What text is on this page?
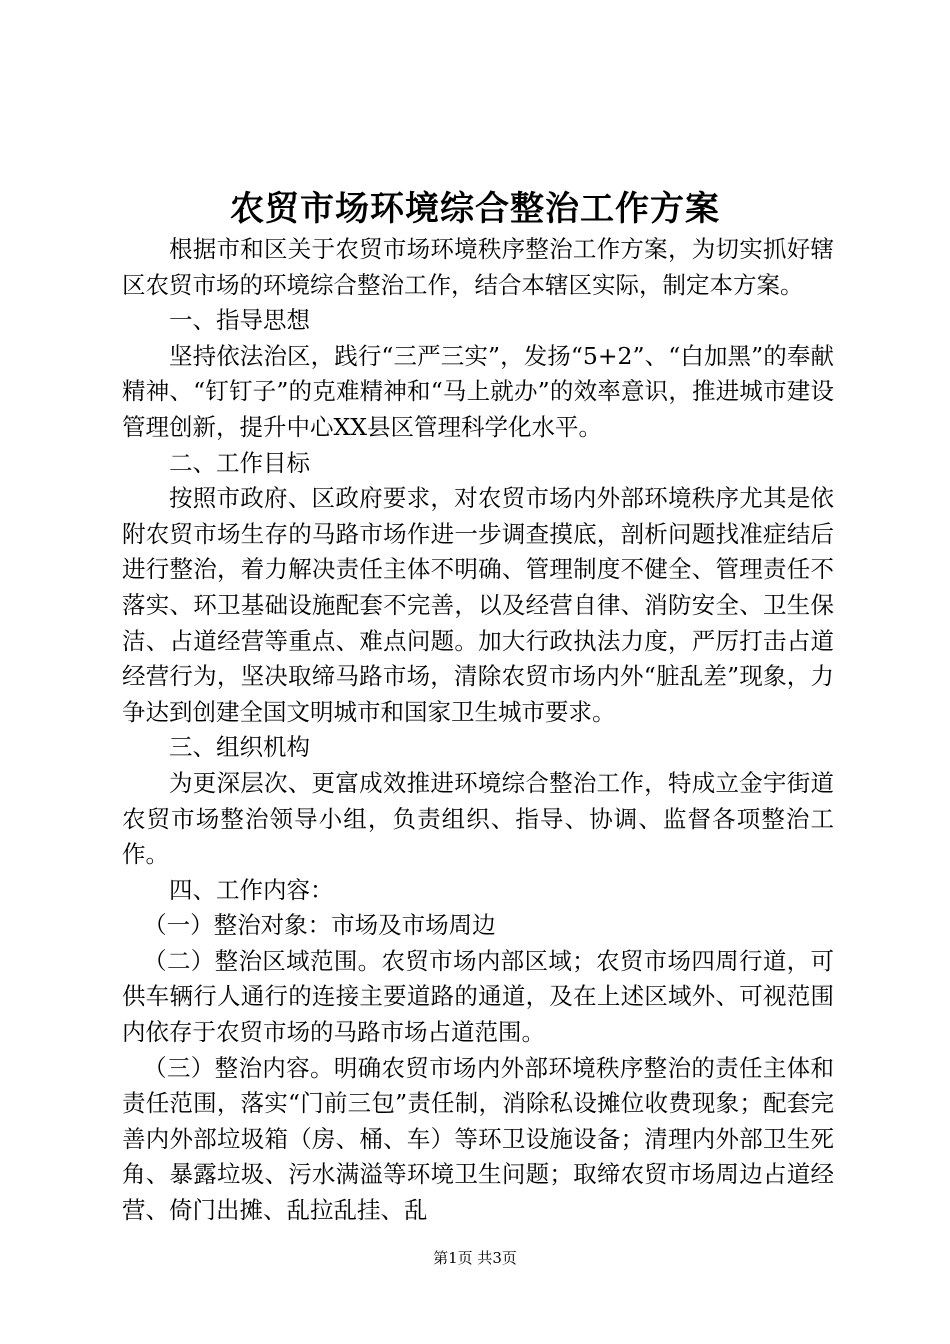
农贸市场环境综合整治工作方案

根据市和区关于农贸市场环境秩序整治工作方案，为切实抓好辖区农贸市场的环境综合整治工作，结合本辖区实际，制定本方案。

一、指导思想

坚持依法治区，践行“三严三实”，发扬“5+2”、“白加黑”的奉献精神、“钉钉子”的克难精神和“马上就办”的效率意识，推进城市建设管理创新，提升中心XX县区管理科学化水平。

二、工作目标

按照市政府、区政府要求，对农贸市场内外部环境秩序尤其是依附农贸市场生存的马路市场作进一步调查摸底，剖析问题找准症结后进行整治，着力解决责任主体不明确、管理制度不健全、管理责任不落实、环卫基础设施配套不完善，以及经营自律、消防安全、卫生保洁、占道经营等重点、难点问题。加大行政执法力度，严厉打击占道经营行为，坚决取缔马路市场，清除农贸市场内外“脏乱差”现象，力争达到创建全国文明城市和国家卫生城市要求。

三、组织机构

为更深层次、更富成效推进环境综合整治工作，特成立金宇街道农贸市场整治领导小组，负责组织、指导、协调、监督各项整治工作。

四、工作内容：

（一）整治对象：市场及市场周边

（二）整治区域范围。农贸市场内部区域；农贸市场四周行道，可供车辆行人通行的连接主要道路的通道，及在上述区域外、可视范围内依存于农贸市场的马路市场占道范围。

（三）整治内容。明确农贸市场内外部环境秩序整治的责任主体和责任范围，落实“门前三包”责任制，消除私设摊位收费现象；配套完善内外部垃圾箱（房、桶、车）等环卫设施设备；清理内外部卫生死角、暴露垃圾、污水满溢等环境卫生问题；取缔农贸市场周边占道经营、倚门出摊、乱拉乱挂、乱

第1页 共3页
